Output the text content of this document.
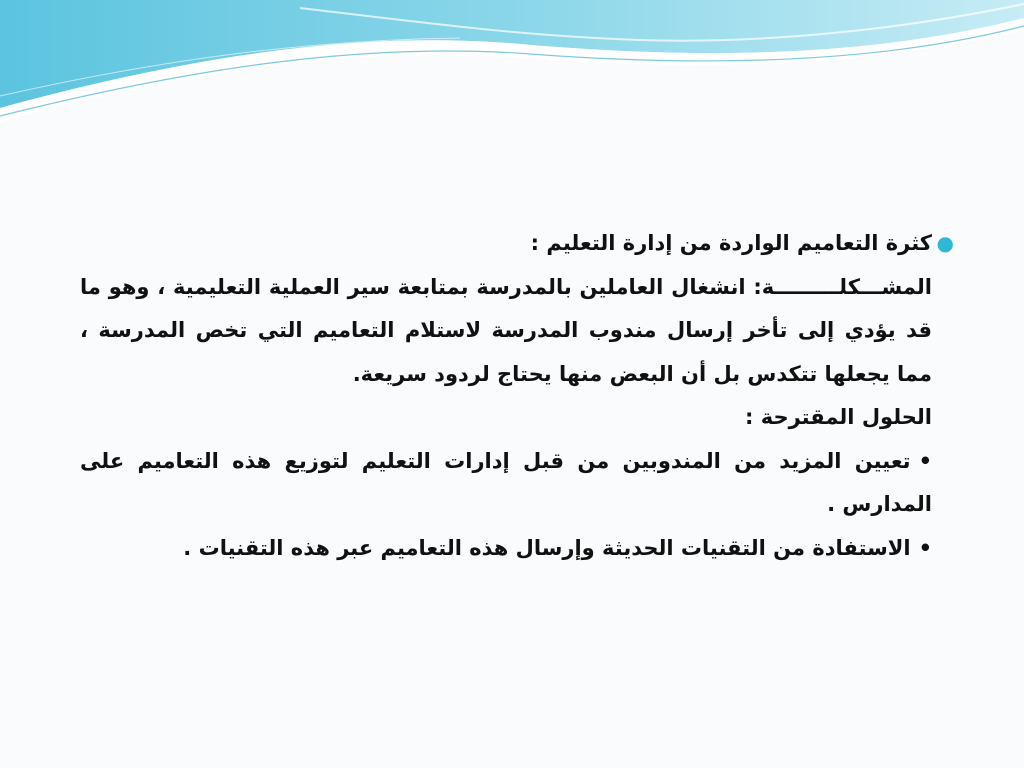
●

كثرة التعاميم الواردة من إدارة التعليم :

المشـــكلـــــــــة: انشغال العاملين بالمدرسة بمتابعة سير العملية التعليمية ، وهو ما قد يؤدي إلى تأخر إرسال مندوب المدرسة لاستلام التعاميم التي تخص المدرسة ، مما يجعلها تتكدس بل أن البعض منها يحتاج لردود سريعة.

الحلول المقترحة :

•تعيين المزيد من المندوبين من قبل إدارات التعليم لتوزيع هذه التعاميم على المدارس .

•الاستفادة من التقنيات الحديثة وإرسال هذه التعاميم عبر هذه التقنيات .
